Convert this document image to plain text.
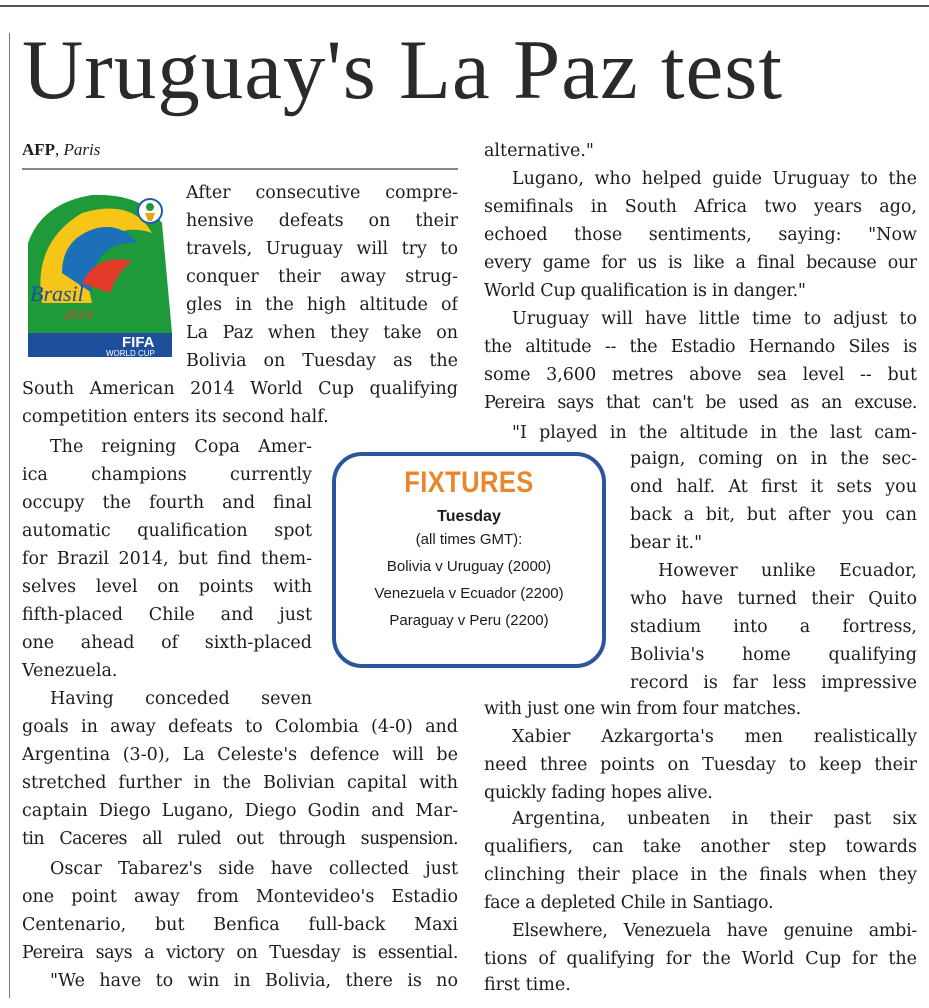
Uruguay's La Paz test
AFP, Paris
Brasil
2014
FIFA
WORLD CUP
FIXTURES
Tuesday
(all times GMT):
Bolivia v Uruguay (2000)
Venezuela v Ecuador (2200)
Paraguay v Peru (2200)
After consecutive compre-
hensive defeats on their
travels, Uruguay will try to
conquer their away strug-
gles in the high altitude of
La Paz when they take on
Bolivia on Tuesday as the
South American 2014 World Cup qualifying
competition enters its second half.
The reigning Copa Amer-
ica champions currently
occupy the fourth and final
automatic qualification spot
for Brazil 2014, but find them-
selves level on points with
fifth-placed Chile and just
one ahead of sixth-placed
Venezuela.
Having conceded seven
goals in away defeats to Colombia (4-0) and
Argentina (3-0), La Celeste's defence will be
stretched further in the Bolivian capital with
captain Diego Lugano, Diego Godin and Mar-
tin Caceres all ruled out through suspension.
Oscar Tabarez's side have collected just
one point away from Montevideo's Estadio
Centenario, but Benfica full-back Maxi
Pereira says a victory on Tuesday is essential.
"We have to win in Bolivia, there is no
alternative."
Lugano, who helped guide Uruguay to the
semifinals in South Africa two years ago,
echoed those sentiments, saying: "Now
every game for us is like a final because our
World Cup qualification is in danger."
Uruguay will have little time to adjust to
the altitude -- the Estadio Hernando Siles is
some 3,600 metres above sea level -- but
Pereira says that can't be used as an excuse.
"I played in the altitude in the last cam-
paign, coming on in the sec-
ond half. At first it sets you
back a bit, but after you can
bear it."
However unlike Ecuador,
who have turned their Quito
stadium into a fortress,
Bolivia's home qualifying
record is far less impressive
with just one win from four matches.
Xabier Azkargorta's men realistically
need three points on Tuesday to keep their
quickly fading hopes alive.
Argentina, unbeaten in their past six
qualifiers, can take another step towards
clinching their place in the finals when they
face a depleted Chile in Santiago.
Elsewhere, Venezuela have genuine ambi-
tions of qualifying for the World Cup for the
first time.
